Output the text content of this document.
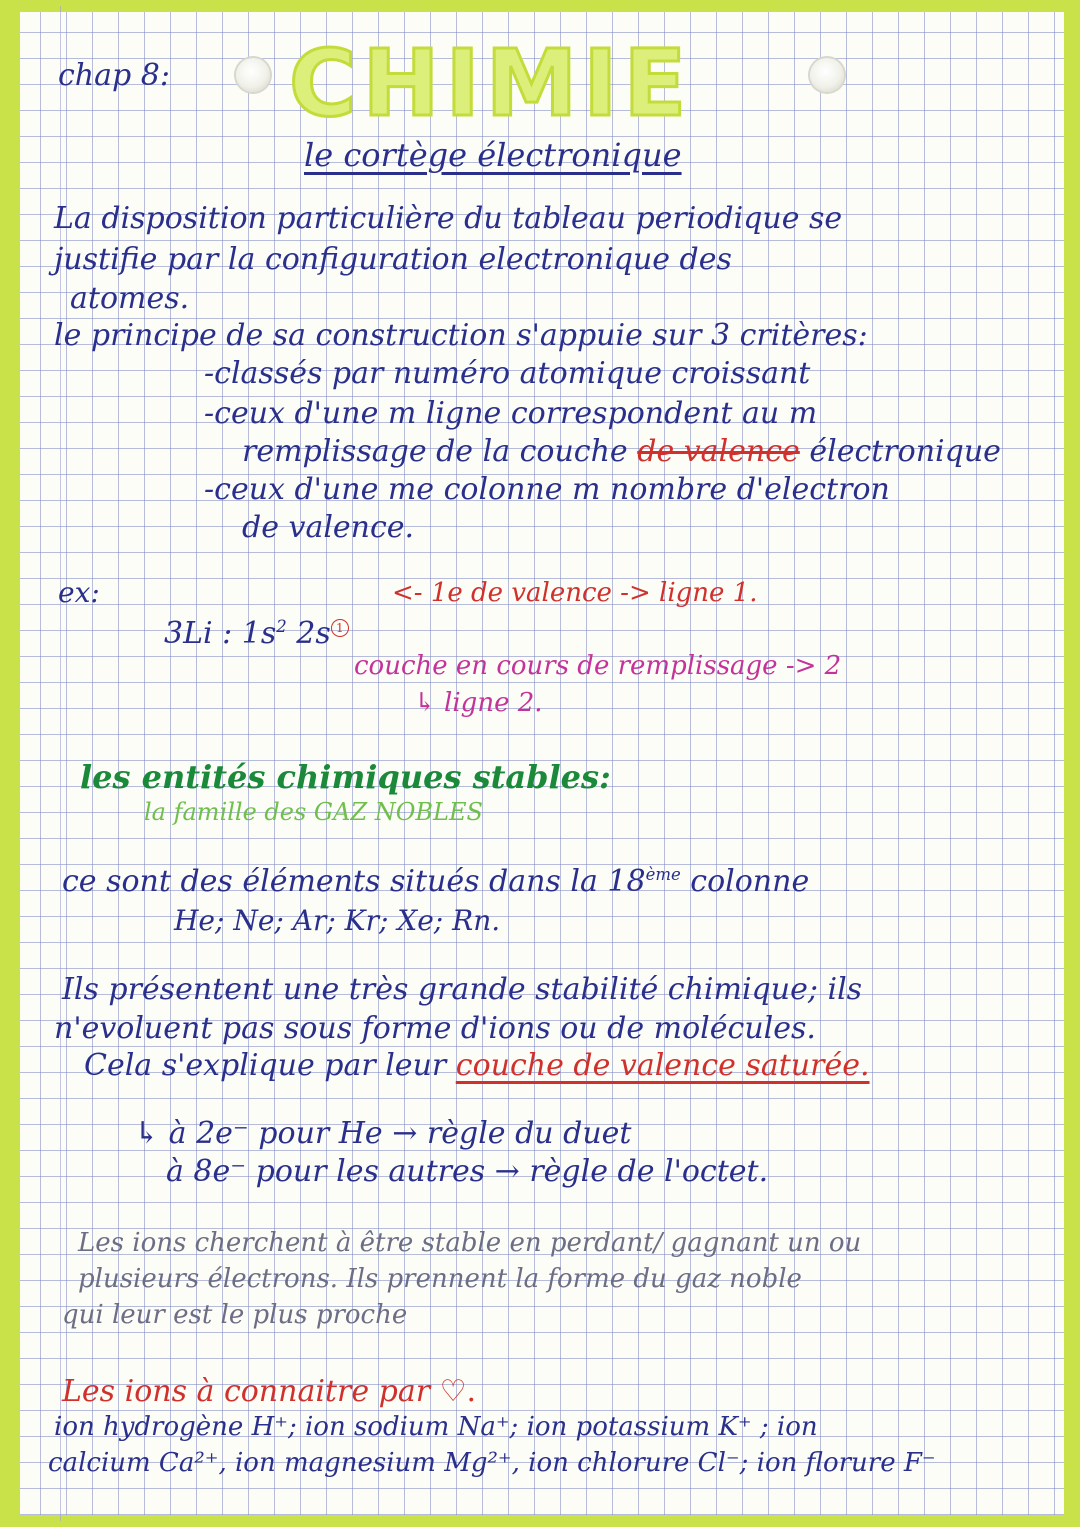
chap 8: CHIMIE
le cortège électronique
La disposition particulière du tableau periodique se
justifie par la configuration electronique des
atomes.
le principe de sa construction s'appuie sur 3 critères:
-classés par numéro atomique croissant
-ceux d'une m ligne correspondent au m
remplissage de la couche de valence électronique
-ceux d'une me colonne m nombre d'electron
de valence.
ex:
3Li : $1s^2$ 2s 1
<- 1e de valence -> ligne 1.
couche en cours de remplissage -> 2
↳ ligne 2.
les entités chimiques stables:
la famille des GAZ NOBLES
ce sont des éléments situés dans la 18ème colonne
He; Ne; Ar; Kr; Xe; Rn.
Ils présentent une très grande stabilité chimique; ils
n'evoluent pas sous forme d'ions ou de molécules.
Cela s'explique par leur couche de valence saturée.
↳ à 2e⁻ pour He → règle du duet
à 8e⁻ pour les autres → règle de l'octet.
Les ions cherchent à être stable en perdant/ gagnant un ou
plusieurs électrons. Ils prennent la forme du gaz noble
qui leur est le plus proche
Les ions à connaitre par ♡.
ion hydrogène H⁺; ion sodium Na⁺; ion potassium K⁺ ; ion
calcium Ca²⁺, ion magnesium Mg²⁺, ion chlorure Cl⁻; ion florure F⁻
